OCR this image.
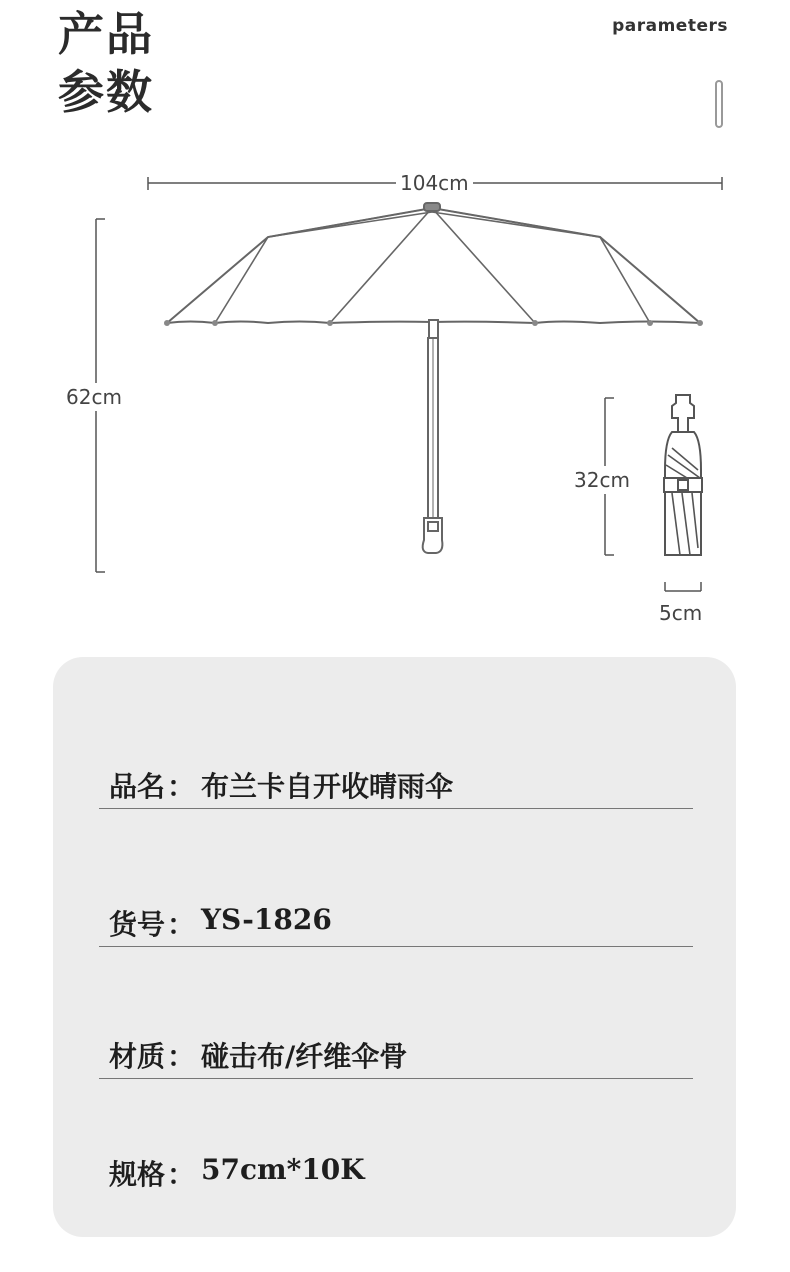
产品
参数
parameters
104cm
62cm
32cm
5cm
品名 ： 布兰卡自开收晴雨伞
货号 ： YS-1826
材质 ： 碰击布/纤维伞骨
规格 ： 57cm*10K
